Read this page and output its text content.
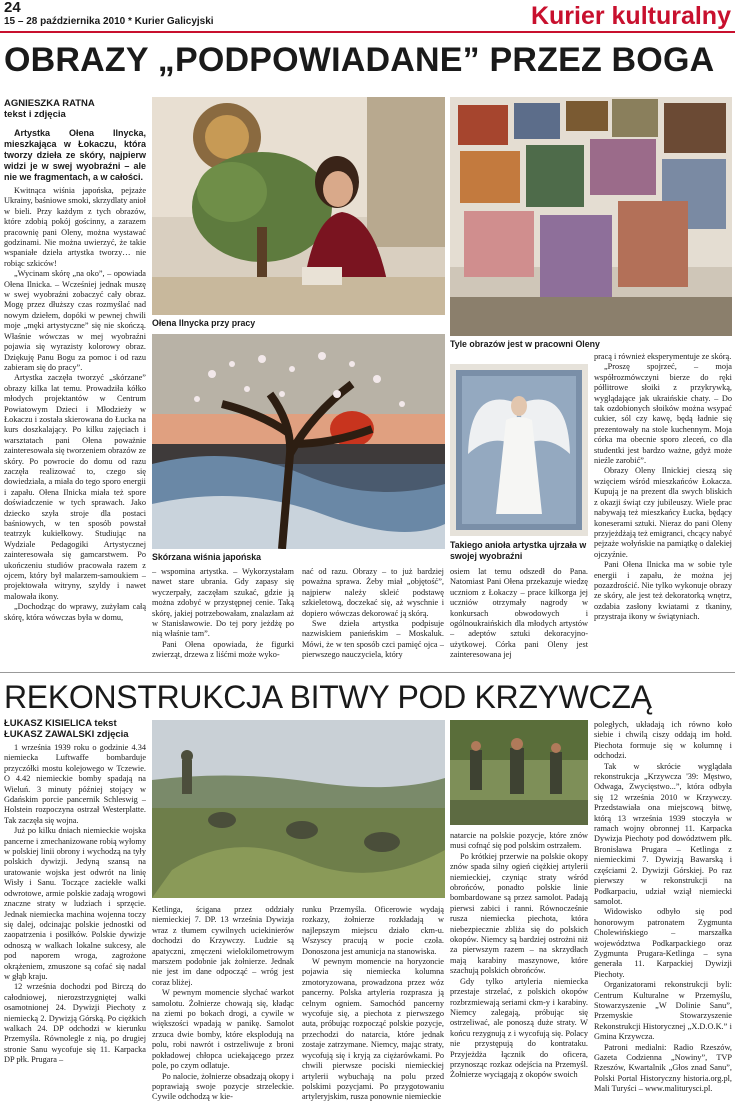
24
15 – 28 października 2010 * Kurier Galicyjski	Kurier kulturalny
OBRAZY „PODPOWIADANE” PRZEZ BOGA
AGNIESZKA RATNA
tekst i zdjęcia

Artystka Ołena Ilnycka, mieszkająca w Łokaczu, która tworzy dzieła ze skóry, najpierw widzi je w swej wyobraźni – ale nie we fragmentach, a w całości.

Kwitnąca wiśnia japońska, pejzaże Ukrainy, baśniowe smoki, skrzydlaty anioł w bieli. Przy każdym z tych obrazów, które zdobią pokój gościnny, a zarazem pracownię pani Oleny, można wystawać godzinami. Nie można uwierzyć, że takie wspaniałe dzieła artystka tworzy… nie robiąc szkiców!

„Wycinam skórę „na oko”, – opowiada Ołena Ilnicka. – Wcześniej jednak muszę w swej wyobraźni zobaczyć cały obraz. Mogę przez dłuższy czas rozmyślać nad nowym dziełem, dopóki w pewnej chwili moje „męki artystyczne” się nie skończą. Właśnie wówczas w mej wyobraźni pojawia się wyrazisty kolorowy obraz. Dziękuję Panu Bogu za pomoc i od razu zabieram się do pracy”.

Artystka zaczęła tworzyć „skórzane” obrazy kilka lat temu. Prowadziła kółko młodych projektantów w Centrum Powiatowym Dzieci i Młodzieży w Łokaczu i została skierowana do Łucka na kurs doszkalający. Po kilku zajęciach i warsztatach pani Ołena poważnie zainteresowała się tworzeniem obrazów ze skóry. Po powrocie do domu od razu zaczęła realizować to, czego się dowiedziała, a miała do tego sporo energii i zapału. Ołena Ilnicka miała też spore doświadczenie w tych sprawach. Jako dziecko szyła stroje dla postaci baśniowych, w ten sposób powstał teatrzyk kukiełkowy. Studiując na Wydziale Pedagogiki Artystycznej zainteresowała się gamcarstwem. Po ukończeniu studiów pracowała razem z ojcem, który był malarzem-samoukiem – projektowała witryny, szyldy i nawet malowała ikony.

„Dochodząc do wprawy, zużyłam całą skórę, która wówczas była w domu,

Ołena Ilnycka przy pracy
Tyle obrazów jest w pracowni Oleny
Skórzana wiśnia japońska
Takiego anioła artystka ujrzała w swojej wyobraźni

– wspomina artystka. – Wykorzystałam nawet stare ubrania. Gdy zapasy się wyczerpały, zaczęłam szukać, gdzie ją można zdobyć w przystępnej cenie. Taką skórę, jakiej potrzebowałam, znalazłam aż w Stanisławowie. Do tej pory jeżdżę po nią właśnie tam”.

Pani Ołena opowiada, że figurki zwierząt, drzewa z liśćmi może wyko-

nać od razu. Obrazy – to już bardziej poważna sprawa. Żeby miał „objętość”, najpierw należy skleić podstawę szkieletową, doczekać się, aż wyschnie i dopiero wówczas dekorować ją skórą.

Swe dzieła artystka podpisuje nazwiskiem panieńskim – Moskaluk. Mówi, że w ten sposób czci pamięć ojca – pierwszego nauczyciela, który

osiem lat temu odszedł do Pana. Natomiast Pani Ołena przekazuje wiedzę uczniom z Łokaczy – prace kilkorga jej uczniów otrzymały nagrody w konkursach obwodowych i ogólnoukraińskich dla młodych artystów – adeptów sztuki dekoracyjno-użytkowej. Córka pani Oleny jest zainteresowana jej

pracą i również eksperymentuje ze skórą.

„Proszę spojrzeć, – moja współrozmówczyni bierze do ręki półlitrowe słoiki z przykrywką, wyglądające jak ukraińskie chaty. – Do tak ozdobionych słoików można wsypać cukier, sól czy kawę, będą ładnie się prezentowały na stole kuchennym. Moja córka ma obecnie sporo zleceń, co dla studentki jest bardzo ważne, gdyż może nieźle zarobić”.

Obrazy Oleny Ilnickiej cieszą się wzięciem wśród mieszkańców Łokacza. Kupują je na prezent dla swych bliskich z okazji świąt czy jubileuszy. Wiele prac nabywają też mieszkańcy Łucka, będący koneserami sztuki. Nieraz do pani Oleny przyjeżdżają też emigranci, chcący nabyć pejzaże wołyńskie na pamiątkę o dalekiej ojczyźnie.

Pani Ołena Ilnicka ma w sobie tyle energii i zapału, że można jej pozazdrościć. Nie tylko wykonuje obrazy ze skóry, ale jest też dekoratorką wnętrz, ozdabia zasłony kwiatami z tkaniny, przystraja ikony w świątyniach.

REKONSTRUKCJA BITWY POD KRZYWCZĄ
ŁUKASZ KISIELICA tekst
ŁUKASZ ZAWALSKI zdjęcia

1 września 1939 roku o godzinie 4.34 niemiecka Luftwaffe bombarduje przyczółki mostu kolejowego w Tczewie. O 4.42 niemieckie bomby spadają na Wieluń. 3 minuty później stojący w Gdańskim porcie pancernik Schleswig – Holstein rozpoczyna ostrzał Westerplatte. Tak zaczęła się wojna.

Już po kilku dniach niemieckie wojska pancerne i zmechanizowane robią wyłomy w polskiej linii obrony i wychodzą na tyły polskich dywizji. Jedyną szansą na uratowanie wojska jest odwrót na linię Wisły i Sanu. Toczące zaciekłe walki odwrotowe, armie polskie zadają wrogowi znaczne straty w ludziach i sprzęcie. Jednak niemiecka machina wojenna toczy się dalej, odcinając polskie jednostki od zaopatrzenia i posiłków. Polskie dywizje odnoszą w walkach lokalne sukcesy, ale pod naporem wroga, zagrożone okrążeniem, zmuszone są cofać się nadal w głąb kraju.

12 września dochodzi pod Birczą do całodniowej, nierozstrzygniętej walki osamotnionej 24. Dywizji Piechoty z niemiecką 2. Dywizją Górską. Po ciężkich walkach 24. DP odchodzi w kierunku Przemyśla. Równolegle z nią, po drugiej stronie Sanu wycofuje się 11. Karpacka DP płk. Prugara –

Ketlinga, ścigana przez oddziały niemieckiej 7. DP. 13 września Dywizja wraz z tłumem cywilnych uciekinierów dochodzi do Krzywczy. Ludzie są apatyczni, zmęczeni wielokilometrowym marszem podobnie jak żołnierze. Jednak nie jest im dane odpocząć – wróg jest coraz bliżej.

W pewnym momencie słychać warkot samolotu. Żołnierze chowają się, kładąc na ziemi po bokach drogi, a cywile w większości wpadają w panikę. Samolot zrzuca dwie bomby, które eksplodują na polu, robi nawrót i ostrzeliwuje z broni pokładowej chłopca uciekającego przez pole, po czym odlatuje.

Po nalocie, żołnierze obsadzają okopy i poprawiają swoje pozycje strzeleckie. Cywile odchodzą w kie-

runku Przemyśla. Oficerowie wydają rozkazy, żołnierze rozkładają w najlepszym miejscu działo ckm-u. Wszyscy pracują w pocie czoła. Donoszona jest amunicja na stanowiska.

W pewnym momencie na horyzoncie pojawia się niemiecka kolumna zmotoryzowana, prowadzona przez wóz pancerny. Polska artyleria rozprasza ją celnym ogniem. Samochód pancerny wycofuje się, a piechota z pierwszego auta, próbując rozpocząć polskie pozycje, przechodzi do natarcia, które jednak zostaje zatrzymane. Niemcy, mając straty, wycofują się i kryją za ciężarówkami. Po chwili pierwsze pociski niemieckiej artylerii wybuchają na polu przed polskimi pozycjami. Po przygotowaniu artyleryjskim, rusza ponownie niemieckie

natarcie na polskie pozycje, które znów musi cofnąć się pod polskim ostrzałem.

Po krótkiej przerwie na polskie okopy znów spada silny ogień ciężkiej artylerii niemieckiej, czyniąc straty wśród obrońców, ponadto polskie linie bombardowane są przez samolot. Padają pierwsi zabici i ranni. Równocześnie rusza niemiecka piechota, która niebezpiecznie zbliża się do polskich okopów. Niemcy są bardziej ostrożni niż za pierwszym razem – na skrzydłach mają karabiny maszynowe, które szachują polskich obrońców.

Gdy tylko artyleria niemiecka przestaje strzelać, z polskich okopów rozbrzmiewają seriami ckm-y i karabiny. Niemcy zalegają, próbując się ostrzeliwać, ale ponoszą duże straty. W końcu rezygnują z i wycofują się. Polacy nie przystępują do kontrataku. Przyjeżdża łącznik do oficera, przynosząc rozkaz odejścia na Przemyśl. Żołnierze wyciągają z okopów swoich

poległych, układają ich równo koło siebie i chwilą ciszy oddają im hołd. Piechota formuje się w kolumnę i odchodzi.

Tak w skrócie wyglądała rekonstrukcja „Krzywcza '39: Męstwo, Odwaga, Zwycięstwo...”, która odbyła się 12 września 2010 w Krzywczy. Przedstawiała ona miejscową bitwę, którą 13 września 1939 stoczyła w ramach wojny obronnej 11. Karpacka Dywizja Piechoty pod dowództwem płk. Bronisława Prugara – Ketlinga z niemieckimi 7. Dywizją Bawarską i częściami 2. Dywizji Górskiej. Po raz pierwszy w rekonstrukcji na Podkarpaciu, udział wziął niemiecki samolot.

Widowisko odbyło się pod honorowym patronatem Zygmunta Cholewińskiego – marszałka województwa Podkarpackiego oraz Zygmunta Prugara-Ketlinga – syna generała 11. Karpackiej Dywizji Piechoty.

Organizatorami rekonstrukcji byli: Centrum Kulturalne w Przemyślu, Stowarzyszenie „W Dolinie Sanu”, Przemyskie Stowarzyszenie Rekonstrukcji Historycznej „X.D.O.K.” i Gmina Krzywcza.

Patroni medialni: Radio Rzeszów, Gazeta Codzienna „Nowiny”, TVP Rzeszów, Kwartalnik „Głos znad Sanu”, Polski Portal Historyczny historia.org.pl, Mali Turyści – www.maliturysci.pl.
